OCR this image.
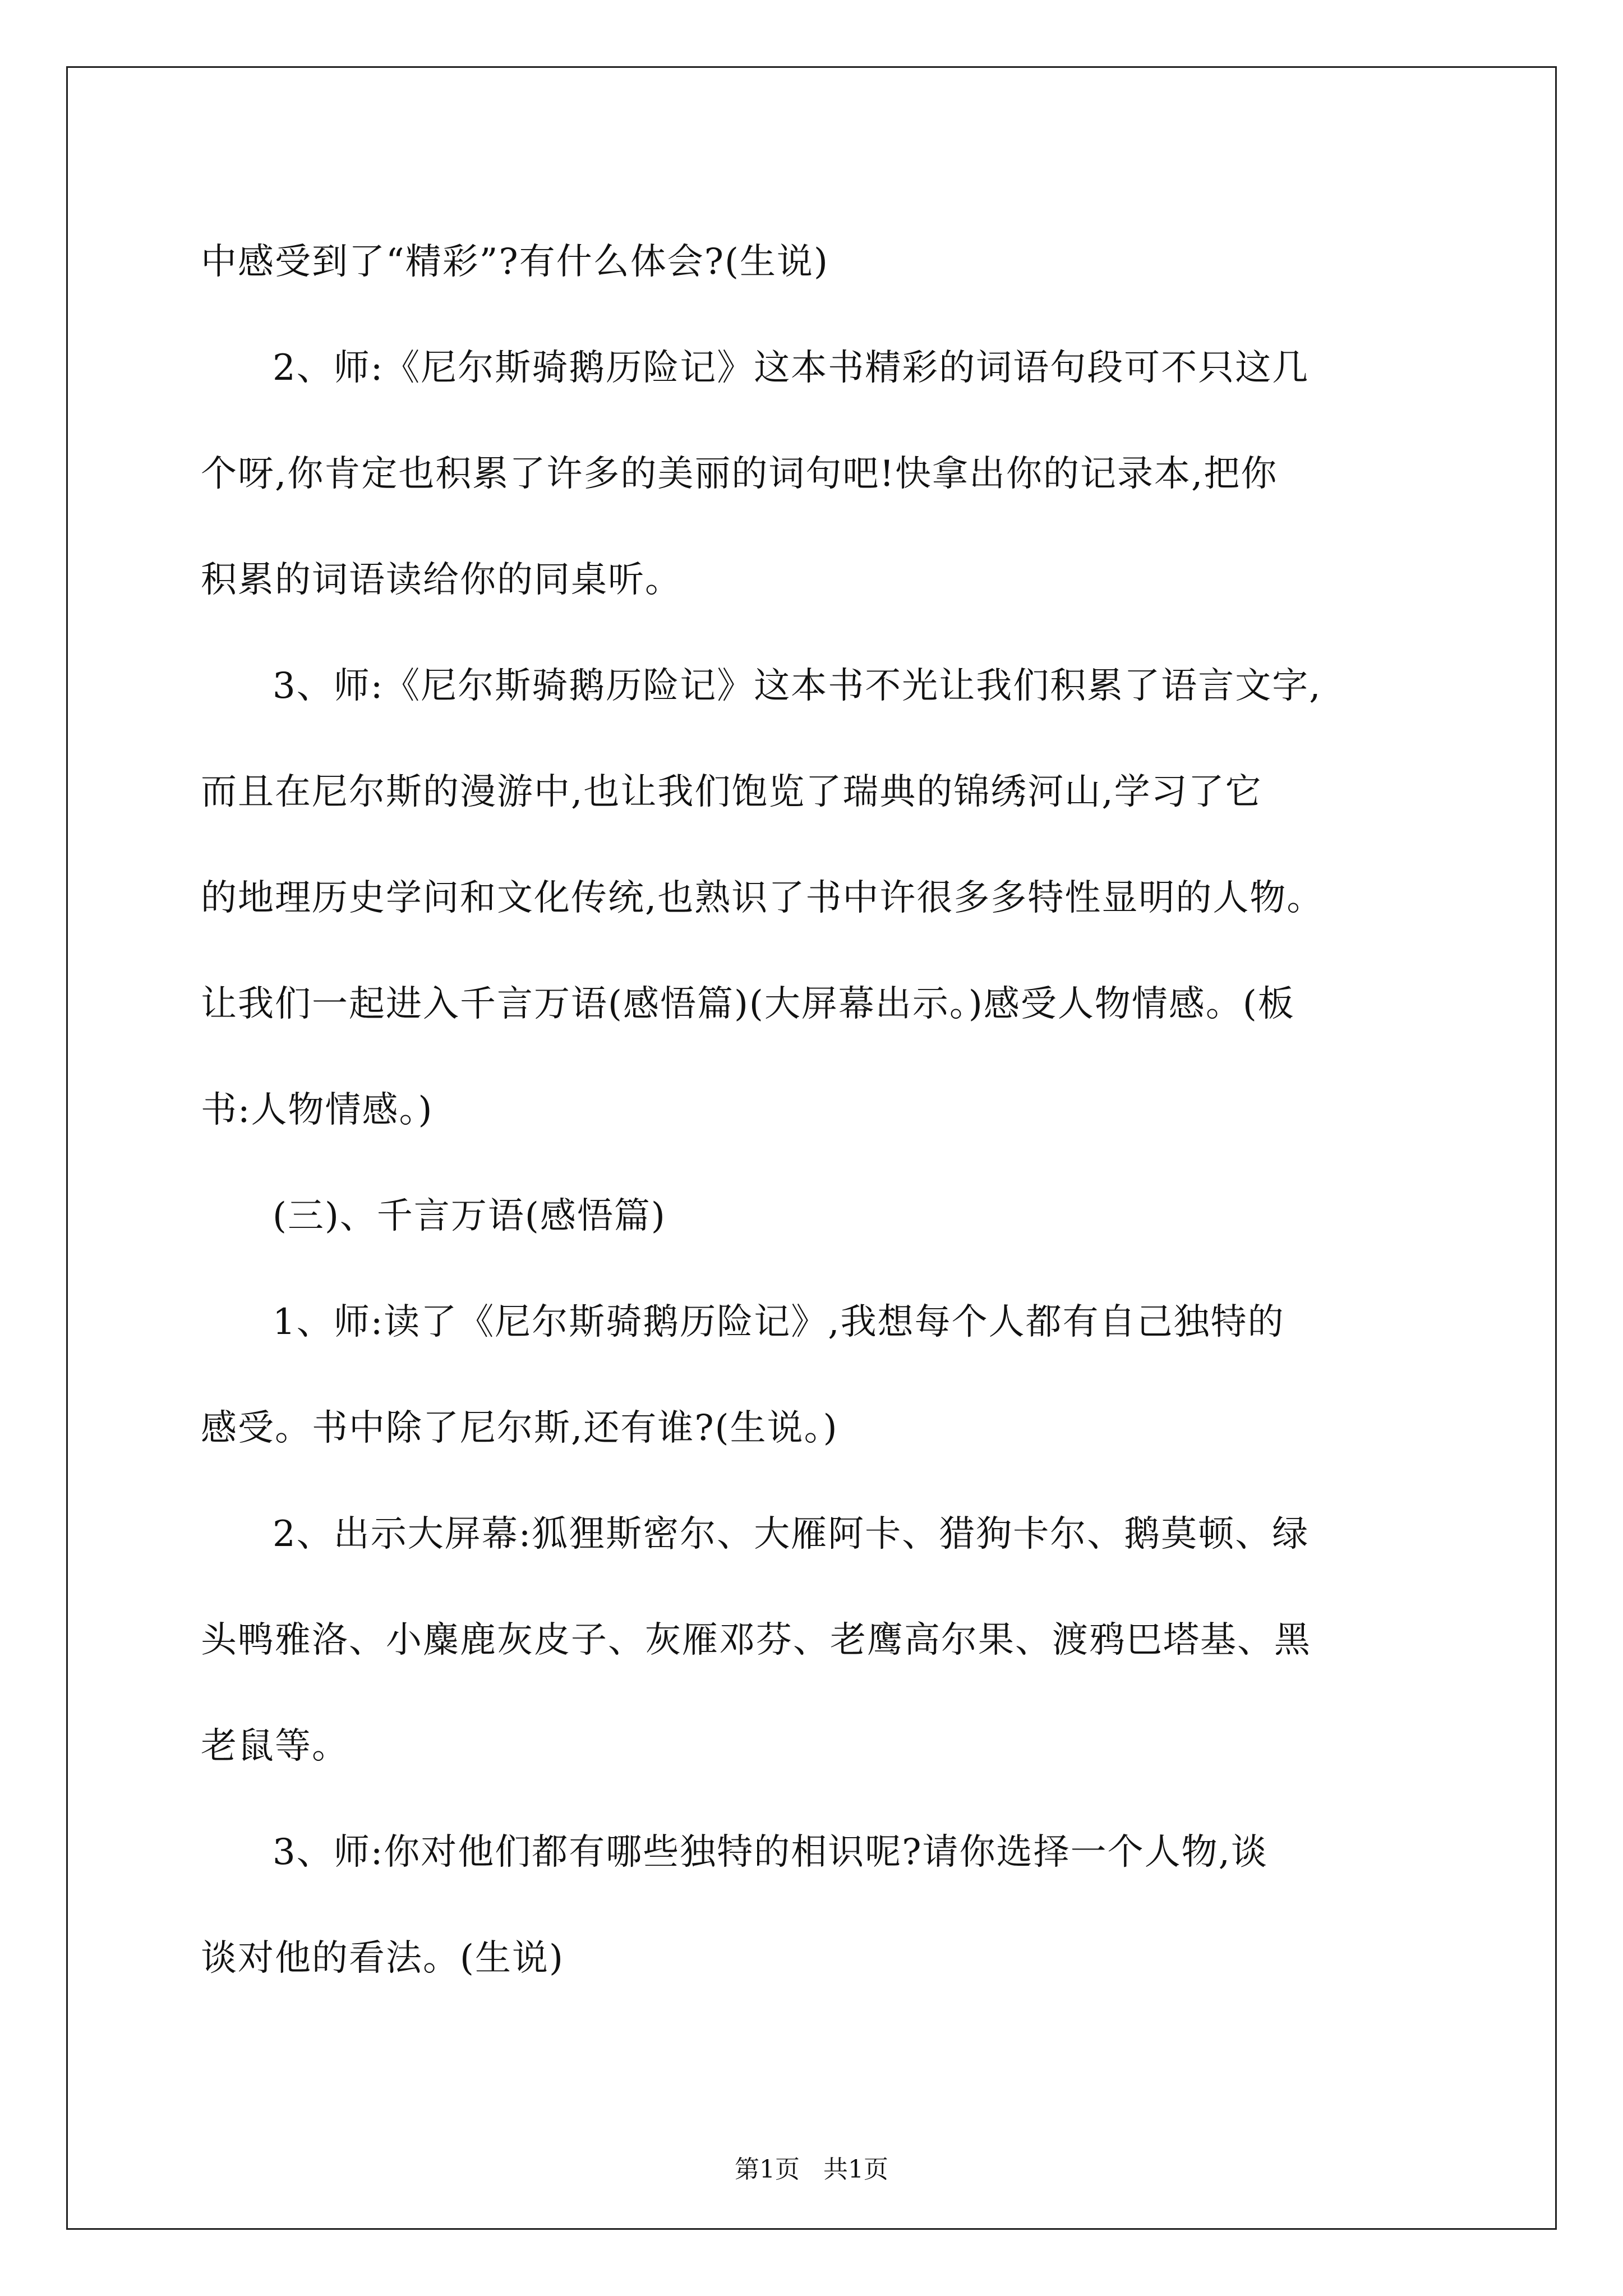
中感受到了“精彩”?有什么体会?(生说)
2、师:《尼尔斯骑鹅历险记》这本书精彩的词语句段可不只这几
个呀,你肯定也积累了许多的美丽的词句吧!快拿出你的记录本,把你
积累的词语读给你的同桌听。
3、师:《尼尔斯骑鹅历险记》这本书不光让我们积累了语言文字,
而且在尼尔斯的漫游中,也让我们饱览了瑞典的锦绣河山,学习了它
的地理历史学问和文化传统,也熟识了书中许很多多特性显明的人物。
让我们一起进入千言万语(感悟篇)(大屏幕出示。)感受人物情感。(板
书:人物情感。)
(三)、千言万语(感悟篇)
1、师:读了《尼尔斯骑鹅历险记》,我想每个人都有自己独特的
感受。书中除了尼尔斯,还有谁?(生说。)
2、出示大屏幕:狐狸斯密尔、大雁阿卡、猎狗卡尔、鹅莫顿、绿
头鸭雅洛、小麋鹿灰皮子、灰雁邓芬、老鹰高尔果、渡鸦巴塔基、黑
老鼠等。
3、师:你对他们都有哪些独特的相识呢?请你选择一个人物,谈
谈对他的看法。(生说)
第1页   共1页
